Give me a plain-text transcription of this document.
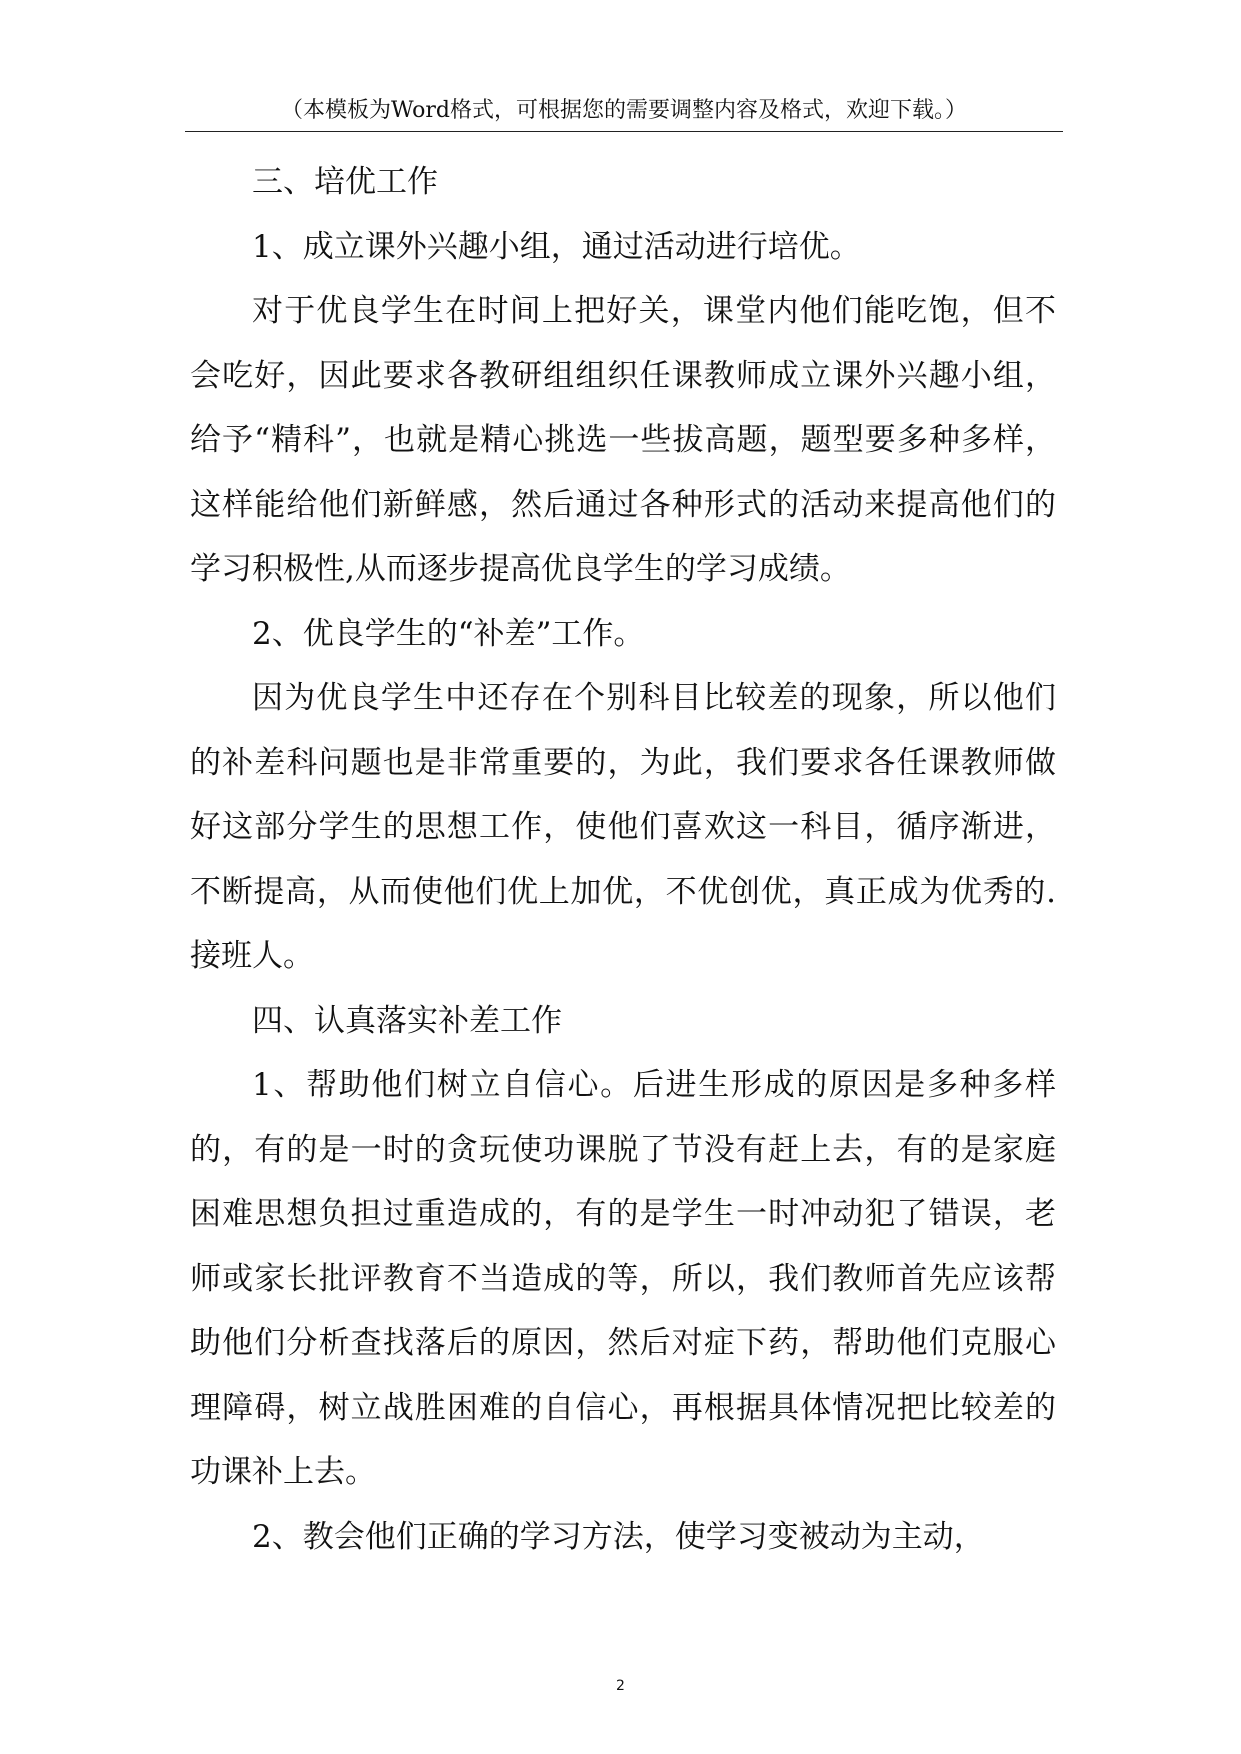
（本模板为Word格式，可根据您的需要调整内容及格式，欢迎下载。）

三、培优工作

1、成立课外兴趣小组，通过活动进行培优。

对于优良学生在时间上把好关，课堂内他们能吃饱，但不会吃好，因此要求各教研组组织任课教师成立课外兴趣小组，给予“精科”，也就是精心挑选一些拔高题，题型要多种多样，这样能给他们新鲜感，然后通过各种形式的活动来提高他们的学习积极性,从而逐步提高优良学生的学习成绩。

2、优良学生的“补差”工作。

因为优良学生中还存在个别科目比较差的现象，所以他们的补差科问题也是非常重要的，为此，我们要求各任课教师做好这部分学生的思想工作，使他们喜欢这一科目，循序渐进，不断提高，从而使他们优上加优，不优创优，真正成为优秀的.接班人。

四、认真落实补差工作

1、帮助他们树立自信心。后进生形成的原因是多种多样的，有的是一时的贪玩使功课脱了节没有赶上去，有的是家庭困难思想负担过重造成的，有的是学生一时冲动犯了错误，老师或家长批评教育不当造成的等，所以，我们教师首先应该帮助他们分析查找落后的原因，然后对症下药，帮助他们克服心理障碍，树立战胜困难的自信心，再根据具体情况把比较差的功课补上去。

2、教会他们正确的学习方法，使学习变被动为主动，

2
